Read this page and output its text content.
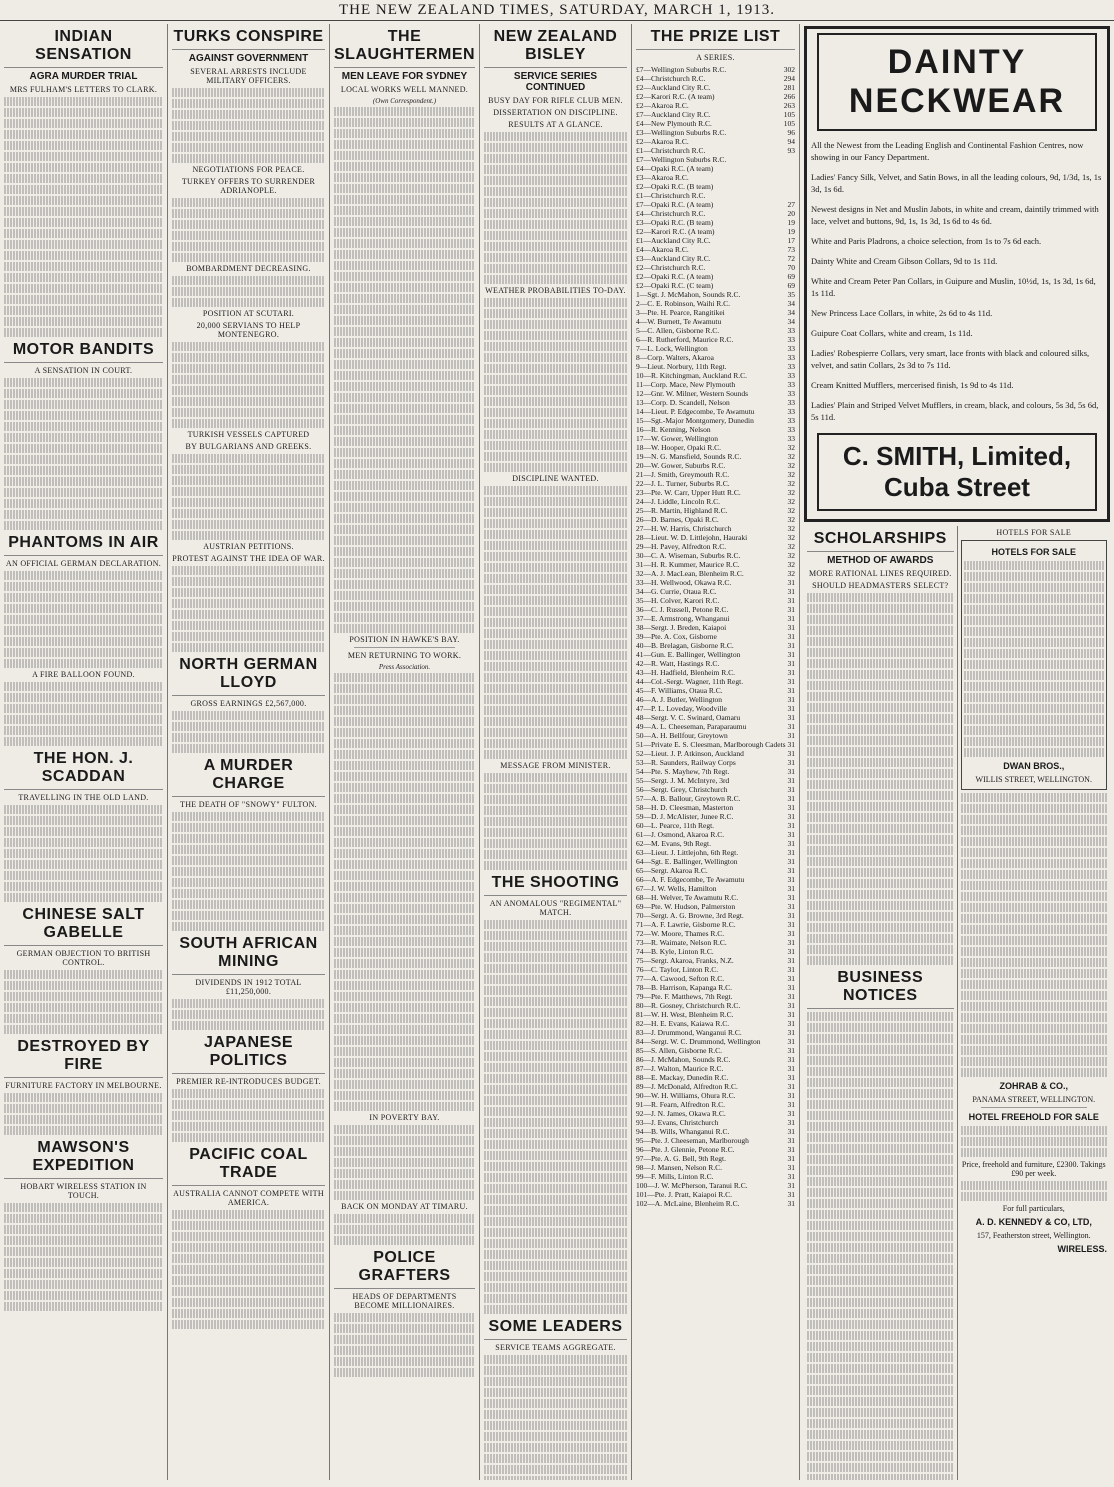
THE NEW ZEALAND TIMES, SATURDAY, MARCH 1, 1913.
INDIAN SENSATION
AGRA MURDER TRIAL
MRS FULHAM'S LETTERS TO CLARK.
MOTOR BANDITS
A SENSATION IN COURT.
PHANTOMS IN AIR
AN OFFICIAL GERMAN DECLARATION.
A FIRE BALLOON FOUND.
THE HON. J. SCADDAN
TRAVELLING IN THE OLD LAND.
CHINESE SALT GABELLE
GERMAN OBJECTION TO BRITISH CONTROL.
DESTROYED BY FIRE
FURNITURE FACTORY IN MELBOURNE.
MAWSON'S EXPEDITION
HOBART WIRELESS STATION IN TOUCH.
TURKS CONSPIRE
AGAINST GOVERNMENT
SEVERAL ARRESTS INCLUDE MILITARY OFFICERS.
NEGOTIATIONS FOR PEACE.
TURKEY OFFERS TO SURRENDER ADRIANOPLE.
BOMBARDMENT DECREASING.
POSITION AT SCUTARI.
20,000 SERVIANS TO HELP MONTENEGRO.
TURKISH VESSELS CAPTURED
BY BULGARIANS AND GREEKS.
AUSTRIAN PETITIONS.
PROTEST AGAINST THE IDEA OF WAR.
NORTH GERMAN LLOYD
GROSS EARNINGS £2,567,000.
A MURDER CHARGE
THE DEATH OF "SNOWY" FULTON.
SOUTH AFRICAN MINING
DIVIDENDS IN 1912 TOTAL £11,250,000.
JAPANESE POLITICS
PREMIER RE-INTRODUCES BUDGET.
PACIFIC COAL TRADE
AUSTRALIA CANNOT COMPETE WITH AMERICA.
THE SLAUGHTERMEN
MEN LEAVE FOR SYDNEY
LOCAL WORKS WELL MANNED.
(Own Correspondent.)
POSITION IN HAWKE'S BAY.
MEN RETURNING TO WORK.
Press Association.
IN POVERTY BAY.
BACK ON MONDAY AT TIMARU.
POLICE GRAFTERS
HEADS OF DEPARTMENTS BECOME MILLIONAIRES.
NEW ZEALAND BISLEY
SERVICE SERIES CONTINUED
BUSY DAY FOR RIFLE CLUB MEN.
DISSERTATION ON DISCIPLINE.
RESULTS AT A GLANCE.
WEATHER PROBABILITIES TO-DAY.
DISCIPLINE WANTED.
MESSAGE FROM MINISTER.
THE SHOOTING
AN ANOMALOUS "REGIMENTAL" MATCH.
SOME LEADERS
SERVICE TEAMS AGGREGATE.
THE PRIZE LIST
A SERIES.
302
£7—Wellington Suburbs R.C.
294
£4—Christchurch R.C.
281
£2—Auckland City R.C.
266
£2—Karori R.C. (A team)
263
£2—Akaroa R.C.
105
£7—Auckland City R.C.
105
£4—New Plymouth R.C.
96
£3—Wellington Suburbs R.C.
94
£2—Akaroa R.C.
93
£1—Christchurch R.C.
£7—Wellington Suburbs R.C.
£4—Opaki R.C. (A team)
£3—Akaroa R.C.
£2—Opaki R.C. (B team)
£1—Christchurch R.C.
27
£7—Opaki R.C. (A team)
20
£4—Christchurch R.C.
19
£3—Opaki R.C. (B team)
19
£2—Karori R.C. (A team)
17
£1—Auckland City R.C.
73
£4—Akaroa R.C.
72
£3—Auckland City R.C.
70
£2—Christchurch R.C.
69
£2—Opaki R.C. (A team)
69
£2—Opaki R.C. (C team)
35
1—Sgt. J. McMahon, Sounds R.C.
34
2—C. E. Robinson, Waihi R.C.
34
3—Pte. H. Pearce, Rangitikei
34
4—W. Burnett, Te Awamutu
33
5—C. Allen, Gisborne R.C.
33
6—R. Rutherford, Maurice R.C.
33
7—L. Lock, Wellington
33
8—Corp. Walters, Akaroa
33
9—Lieut. Norbury, 11th Regt.
33
10—R. Kitchingman, Auckland R.C.
33
11—Corp. Mace, New Plymouth
33
12—Gnr. W. Milner, Western Sounds
33
13—Corp. D. Scandell, Nelson
33
14—Lieut. P. Edgecombe, Te Awamutu
33
15—Sgt.-Major Montgomery, Dunedin
33
16—R. Kenning, Nelson
33
17—W. Gower, Wellington
32
18—W. Hooper, Opaki R.C.
32
19—N. G. Mansfield, Sounds R.C.
32
20—W. Gower, Suburbs R.C.
32
21—J. Smith, Greymouth R.C.
32
22—J. L. Turner, Suburbs R.C.
32
23—Pte. W. Carr, Upper Hutt R.C.
32
24—J. Liddle, Lincoln R.C.
32
25—R. Martin, Highland R.C.
32
26—D. Barnes, Opaki R.C.
32
27—H. W. Harris, Christchurch
32
28—Lieut. W. D. Littlejohn, Hauraki
32
29—H. Pavey, Alfredton R.C.
32
30—C. A. Wiseman, Suburbs R.C.
32
31—H. R. Kummer, Maurice R.C.
32
32—A. J. MacLean, Blenheim R.C.
31
33—H. Wellwood, Okawa R.C.
31
34—G. Currie, Otaua R.C.
31
35—H. Colver, Karori R.C.
31
36—C. J. Russell, Petone R.C.
31
37—E. Armstrong, Whanganui
31
38—Sergt. J. Breden, Kaiapoi
31
39—Pte. A. Cox, Gisborne
31
40—B. Brelagan, Gisborne R.C.
31
41—Gun. E. Ballinger, Wellington
31
42—R. Watt, Hastings R.C.
31
43—H. Hadfield, Blenheim R.C.
31
44—Col.-Sergt. Wagner, 11th Regt.
31
45—F. Williams, Otaua R.C.
31
46—A. J. Butler, Wellington
31
47—P. L. Loveday, Woodville
31
48—Sergt. V. C. Swinard, Oamaru
31
49—A. L. Cheeseman, Paraparaumu
31
50—A. H. Bellfour, Greytown
31
51—Private E. S. Cleesman, Marlborough Cadets
31
52—Lieut. J. P. Atkinson, Auckland
31
53—R. Saunders, Railway Corps
31
54—Pte. S. Mayhew, 7th Regt.
31
55—Sergt. J. M. McIntyre, 3rd
31
56—Sergt. Grey, Christchurch
31
57—A. B. Ballour, Greytown R.C.
31
58—H. D. Cleesman, Masterton
31
59—D. J. McAlister, Junee R.C.
31
60—L. Pearce, 11th Regt.
31
61—J. Osmond, Akaroa R.C.
31
62—M. Evans, 9th Regt.
31
63—Lieut. J. Littlejohn, 6th Regt.
31
64—Sgt. E. Ballinger, Wellington
31
65—Sergt. Akaroa R.C.
31
66—A. F. Edgecombe, Te Awamutu
31
67—J. W. Wells, Hamilton
31
68—H. Welver, Te Awamutu R.C.
31
69—Pte. W. Hudson, Palmerston
31
70—Sergt. A. G. Browne, 3rd Regt.
31
71—A. F. Lawrie, Gisborne R.C.
31
72—W. Moore, Thames R.C.
31
73—R. Waimate, Nelson R.C.
31
74—B. Kyle, Linton R.C.
31
75—Sergt. Akaroa, Franks, N.Z.
31
76—C. Taylor, Linton R.C.
31
77—A. Cawood, Sefton R.C.
31
78—B. Harrison, Kapanga R.C.
31
79—Pte. F. Matthews, 7th Regt.
31
80—R. Gosney, Christchurch R.C.
31
81—W. H. West, Blenheim R.C.
31
82—H. E. Evans, Kaiawa R.C.
31
83—J. Drummond, Wanganui R.C.
31
84—Sergt. W. C. Drummond, Wellington
31
85—S. Allen, Gisborne R.C.
31
86—J. McMahon, Sounds R.C.
31
87—J. Walton, Maurice R.C.
31
88—E. Mackay, Dunedin R.C.
31
89—J. McDonald, Alfredton R.C.
31
90—W. H. Williams, Ohura R.C.
31
91—R. Fearn, Alfredton R.C.
31
92—J. N. James, Okawa R.C.
31
93—J. Evans, Christchurch
31
94—B. Wills, Whanganui R.C.
31
95—Pte. J. Cheeseman, Marlborough
31
96—Pte. J. Glennie, Petone R.C.
31
97—Pte. A. G. Bell, 9th Regt.
31
98—J. Mansen, Nelson R.C.
31
99—F. Mills, Linton R.C.
31
100—J. W. McPherson, Taranui R.C.
31
101—Pte. J. Pratt, Kaiapoi R.C.
31
102—A. McLaine, Blenheim R.C.
DAINTY NECKWEAR
All the Newest from the Leading English and Continental Fashion Centres, now showing in our Fancy Department.
Ladies' Fancy Silk, Velvet, and Satin Bows, in all the leading colours, 9d, 1/3d, 1s, 1s 3d, 1s 6d.
Newest designs in Net and Muslin Jabots, in white and cream, daintily trimmed with lace, velvet and buttons, 9d, 1s, 1s 3d, 1s 6d to 4s 6d.
White and Paris Pladrons, a choice selection, from 1s to 7s 6d each.
Dainty White and Cream Gibson Collars, 9d to 1s 11d.
White and Cream Peter Pan Collars, in Guipure and Muslin, 10½d, 1s, 1s 3d, 1s 6d, 1s 11d.
New Princess Lace Collars, in white, 2s 6d to 4s 11d.
Guipure Coat Collars, white and cream, 1s 11d.
Ladies' Robespierre Collars, very smart, lace fronts with black and coloured silks, velvet, and satin Collars, 2s 3d to 7s 11d.
Cream Knitted Mufflers, mercerised finish, 1s 9d to 4s 11d.
Ladies' Plain and Striped Velvet Mufflers, in cream, black, and colours, 5s 3d, 5s 6d, 5s 11d.
C. SMITH, Limited, Cuba Street
SCHOLARSHIPS
METHOD OF AWARDS
MORE RATIONAL LINES REQUIRED.
SHOULD HEADMASTERS SELECT?
BUSINESS NOTICES
HOTELS FOR SALE
HOTELS FOR SALE
DWAN BROS.,
WILLIS STREET, WELLINGTON.
ZOHRAB & CO.,
PANAMA STREET, WELLINGTON.
HOTEL FREEHOLD FOR SALE
Price, freehold and furniture, £2300. Takings £90 per week.
For full particulars,
A. D. KENNEDY & CO, LTD,
157, Featherston street, Wellington.
WIRELESS.
